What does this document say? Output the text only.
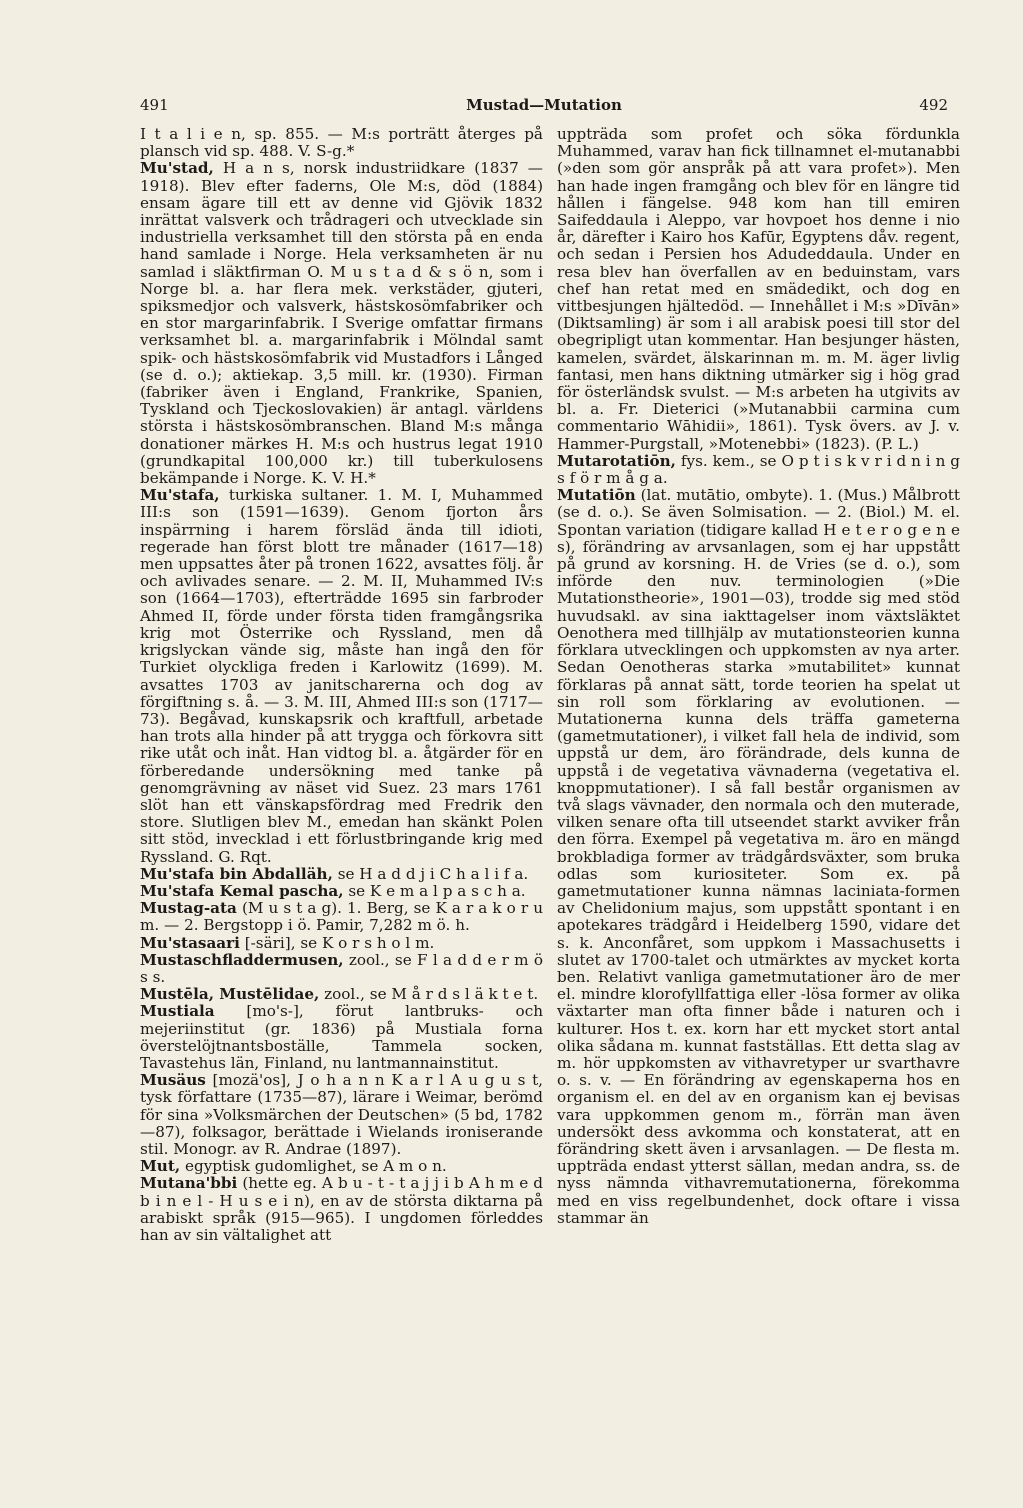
491	Mustad—Mutation	492

I t a l i e n, sp. 855. — M:s porträtt återges på plansch vid sp. 488. V. S-g.*

Mu'stad, H a n s, norsk industriidkare (1837 —1918). Blev efter faderns, Ole M:s, död (1884) ensam ägare till ett av denne vid Gjövik 1832 inrättat valsverk och trådrageri och utvecklade sin industriella verksamhet till den största på en enda hand samlade i Norge. Hela verksamheten är nu samlad i släktfirman O. M u s t a d & s ö n, som i Norge bl. a. har flera mek. verkstäder, gjuteri, spiksmedjor och valsverk, hästskosömfabriker och en stor margarinfabrik. I Sverige omfattar firmans verksamhet bl. a. margarinfabrik i Mölndal samt spik- och hästskosömfabrik vid Mustadfors i Långed (se d. o.); aktiekap. 3,5 mill. kr. (1930). Firman (fabriker även i England, Frankrike, Spanien, Tyskland och Tjeckoslovakien) är antagl. världens största i hästskosömbranschen. Bland M:s många donationer märkes H. M:s och hustrus legat 1910 (grundkapital 100,000 kr.) till tuberkulosens bekämpande i Norge. K. V. H.*

Mu'stafa, turkiska sultaner. 1. M. I, Muhammed III:s son (1591—1639). Genom fjorton års inspärrning i harem försläd ända till idioti, regerade han först blott tre månader (1617—18) men uppsattes åter på tronen 1622, avsattes följ. år och avlivades senare. — 2. M. II, Muhammed IV:s son (1664—1703), efterträdde 1695 sin farbroder Ahmed II, förde under första tiden framgångsrika krig mot Österrike och Ryssland, men då krigslyckan vände sig, måste han ingå den för Turkiet olyckliga freden i Karlowitz (1699). M. avsattes 1703 av janitscharerna och dog av förgiftning s. å. — 3. M. III, Ahmed III:s son (1717—73). Begåvad, kunskapsrik och kraftfull, arbetade han trots alla hinder på att trygga och förkovra sitt rike utåt och inåt. Han vidtog bl. a. åtgärder för en förberedande undersökning med tanke på genomgrävning av näset vid Suez. 23 mars 1761 slöt han ett vänskapsfördrag med Fredrik den store. Slutligen blev M., emedan han skänkt Polen sitt stöd, invecklad i ett förlustbringande krig med Ryssland. G. Rqt.

Mu'stafa bin Abdalläh, se H a d d j i C h a l i f a.

Mu'stafa Kemal pascha, se K e m a l p a s c h a.

Mustag-ata (M u s t a g). 1. Berg, se K a r a k o r u m. — 2. Bergstopp i ö. Pamir, 7,282 m ö. h.

Mu'stasaari [-säri], se K o r s h o l m.

Mustaschfladdermusen, zool., se F l a d d e r m ö s s.

Mustēla, Mustēlidae, zool., se M å r d s l ä k t e t.

Mustiala [mo's-], förut lantbruks- och mejeriinstitut (gr. 1836) på Mustiala forna överstelöjtnantsboställe, Tammela socken, Tavastehus län, Finland, nu lantmannainstitut.

Musäus [mozä'os], J o h a n n K a r l A u g u s t, tysk författare (1735—87), lärare i Weimar, berömd för sina »Volksmärchen der Deutschen» (5 bd, 1782—87), folksagor, berättade i Wielands ironiserande stil. Monogr. av R. Andrae (1897).

Mut, egyptisk gudomlighet, se A m o n.

Mutana'bbi (hette eg. A b u - t - t a j j i b A h m e d b i n e l - H u s e i n), en av de största diktarna på arabiskt språk (915—965). I ungdomen förleddes han av sin vältalighet att

uppträda som profet och söka fördunkla Muhammed, varav han fick tillnamnet el-mutanabbi (»den som gör anspråk på att vara profet»). Men han hade ingen framgång och blev för en längre tid hållen i fängelse. 948 kom han till emiren Saifeddaula i Aleppo, var hovpoet hos denne i nio år, därefter i Kairo hos Kafūr, Egyptens dåv. regent, och sedan i Persien hos Adudeddaula. Under en resa blev han överfallen av en beduinstam, vars chef han retat med en smädedikt, och dog en vittbesjungen hjältedöd. — Innehållet i M:s »Dīvān» (Diktsamling) är som i all arabisk poesi till stor del obegripligt utan kommentar. Han besjunger hästen, kamelen, svärdet, älskarinnan m. m. M. äger livlig fantasi, men hans diktning utmärker sig i hög grad för österländsk svulst. — M:s arbeten ha utgivits av bl. a. Fr. Dieterici (»Mutanabbii carmina cum commentario Wāhidii», 1861). Tysk övers. av J. v. Hammer-Purgstall, »Motenebbi» (1823). (P. L.)

Mutarotatiōn, fys. kem., se O p t i s k v r i d n i n g s f ö r m å g a.

Mutatiōn (lat. mutātio, ombyte). 1. (Mus.) Målbrott (se d. o.). Se även Solmisation. — 2. (Biol.) M. el. Spontan variation (tidigare kallad H e t e r o g e n e s), förändring av arvsanlagen, som ej har uppstått på grund av korsning. H. de Vries (se d. o.), som införde den nuv. terminologien (»Die Mutationstheorie», 1901—03), trodde sig med stöd huvudsakl. av sina iakttagelser inom växtsläktet Oenothera med tillhjälp av mutationsteorien kunna förklara utvecklingen och uppkomsten av nya arter. Sedan Oenotheras starka »mutabilitet» kunnat förklaras på annat sätt, torde teorien ha spelat ut sin roll som förklaring av evolutionen. — Mutationerna kunna dels träffa gameterna (gametmutationer), i vilket fall hela de individ, som uppstå ur dem, äro förändrade, dels kunna de uppstå i de vegetativa vävnaderna (vegetativa el. knoppmutationer). I så fall består organismen av två slags vävnader, den normala och den muterade, vilken senare ofta till utseendet starkt avviker från den förra. Exempel på vegetativa m. äro en mängd brokbladiga former av trädgårdsväxter, som bruka odlas som kuriositeter. Som ex. på gametmutationer kunna nämnas laciniata-formen av Chelidonium majus, som uppstått spontant i en apotekares trädgård i Heidelberg 1590, vidare det s. k. Anconfåret, som uppkom i Massachusetts i slutet av 1700-talet och utmärktes av mycket korta ben. Relativt vanliga gametmutationer äro de mer el. mindre klorofyllfattiga eller -lösa former av olika växtarter man ofta finner både i naturen och i kulturer. Hos t. ex. korn har ett mycket stort antal olika sådana m. kunnat fastställas. Ett detta slag av m. hör uppkomsten av vithavretyper ur svarthavre o. s. v. — En förändring av egenskaperna hos en organism el. en del av en organism kan ej bevisas vara uppkommen genom m., förrän man även undersökt dess avkomma och konstaterat, att en förändring skett även i arvsanlagen. — De flesta m. uppträda endast ytterst sällan, medan andra, ss. de nyss nämnda vithavremutationerna, förekomma med en viss regelbundenhet, dock oftare i vissa stammar än
